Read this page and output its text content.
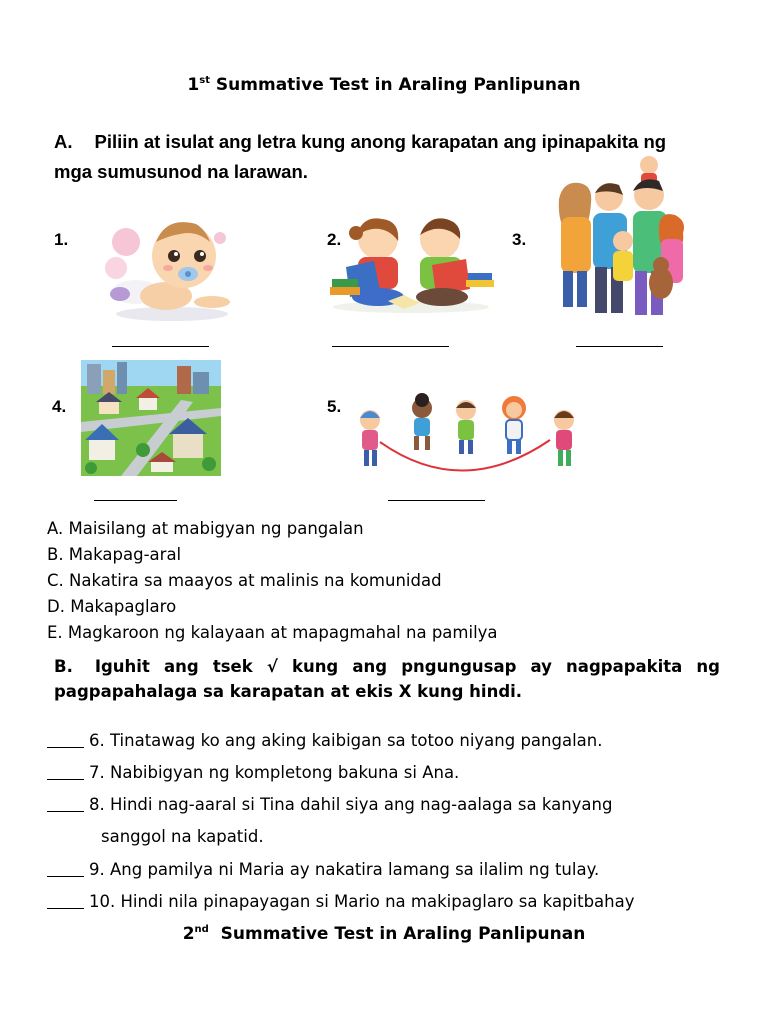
1st Summative Test in Araling Panlipunan
A. Piliin at isulat ang letra kung anong karapatan ang ipinapakita ng
mga sumusunod na larawan.
1.	2.	3.
4.	5.
A. Maisilang at mabigyan ng pangalan
B. Makapag-aral
C. Nakatira sa maayos at malinis na komunidad
D. Makapaglaro
E. Magkaroon ng kalayaan at mapagmahal na pamilya
B. Iguhit ang tsek √ kung ang pngungusap ay nagpapakita ng pagpapahalaga sa karapatan at ekis X kung hindi.
6. Tinatawag ko ang aking kaibigan sa totoo niyang pangalan.
7. Nabibigyan ng kompletong bakuna si Ana.
8. Hindi nag-aaral si Tina dahil siya ang nag-aalaga sa kanyang
sanggol na kapatid.
9. Ang pamilya ni Maria ay nakatira lamang sa ilalim ng tulay.
10. Hindi nila pinapayagan si Mario na makipaglaro sa kapitbahay
2nd  Summative Test in Araling Panlipunan
